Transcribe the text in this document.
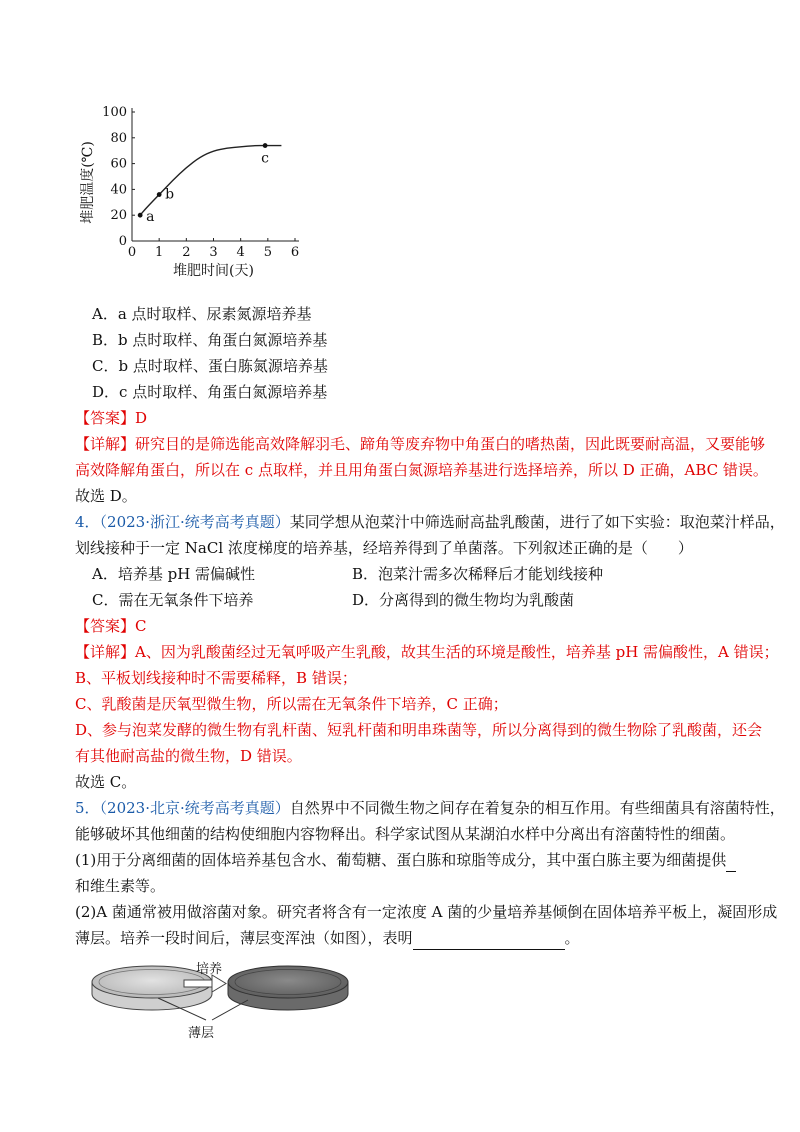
0 1 2 3 4 5 6
0
20
40
60
80
100
堆肥时间(天)
堆肥温度(℃)	a
b
c
A．a 点时取样、尿素氮源培养基
B．b 点时取样、角蛋白氮源培养基
C．b 点时取样、蛋白胨氮源培养基
D．c 点时取样、角蛋白氮源培养基
【答案】D
【详解】研究目的是筛选能高效降解羽毛、蹄角等废弃物中角蛋白的嗜热菌，因此既要耐高温，又要能够
高效降解角蛋白，所以在 c 点取样，并且用角蛋白氮源培养基进行选择培养，所以 D 正确，ABC 错误。
故选 D。
4．（2023·浙江·统考高考真题）某同学想从泡菜汁中筛选耐高盐乳酸菌，进行了如下实验：取泡菜汁样品，
划线接种于一定 NaCl 浓度梯度的培养基，经培养得到了单菌落。下列叙述正确的是（　　）
A．培养基 pH 需偏碱性	B．泡菜汁需多次稀释后才能划线接种
C．需在无氧条件下培养	D．分离得到的微生物均为乳酸菌
【答案】C
【详解】A、因为乳酸菌经过无氧呼吸产生乳酸，故其生活的环境是酸性，培养基 pH 需偏酸性，A 错误；
B、平板划线接种时不需要稀释，B 错误；
C、乳酸菌是厌氧型微生物，所以需在无氧条件下培养，C 正确；
D、参与泡菜发酵的微生物有乳杆菌、短乳杆菌和明串珠菌等，所以分离得到的微生物除了乳酸菌，还会
有其他耐高盐的微生物，D 错误。
故选 C。
5．（2023·北京·统考高考真题）自然界中不同微生物之间存在着复杂的相互作用。有些细菌具有溶菌特性，
能够破坏其他细菌的结构使细胞内容物释出。科学家试图从某湖泊水样中分离出有溶菌特性的细菌。
(1)用于分离细菌的固体培养基包含水、葡萄糖、蛋白胨和琼脂等成分，其中蛋白胨主要为细菌提供
和维生素等。
(2)A 菌通常被用做溶菌对象。研究者将含有一定浓度 A 菌的少量培养基倾倒在固体培养平板上，凝固形成
薄层。培养一段时间后，薄层变浑浊（如图），表明	。
培养
薄层
